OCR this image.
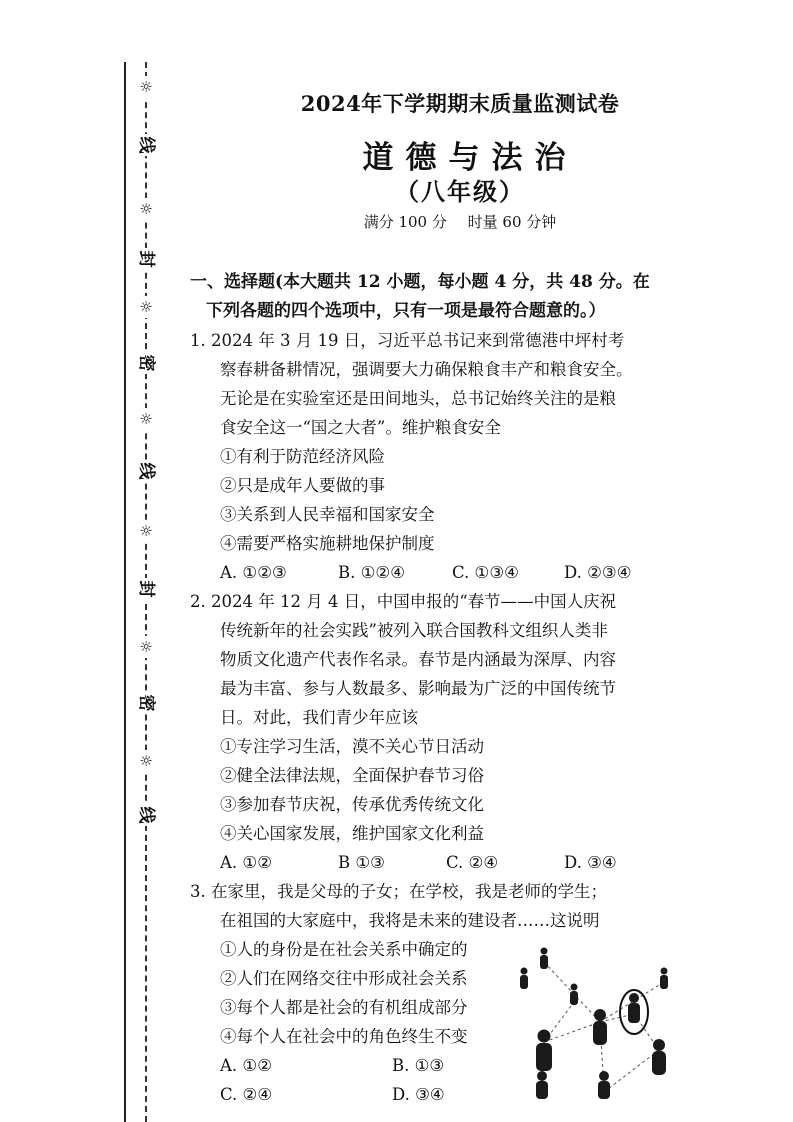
☼
线
☼
封
☼
密
☼
线
☼
封
☼
密
☼
线
2024年下学期期末质量监测试卷
道德与法治
（八年级）
满分 100 分 时量 60 分钟
一、选择题(本大题共 12 小题，每小题 4 分，共 48 分。在
下列各题的四个选项中，只有一项是最符合题意的。）
1. 2024 年 3 月 19 日，习近平总书记来到常德港中坪村考
察春耕备耕情况，强调要大力确保粮食丰产和粮食安全。
无论是在实验室还是田间地头，总书记始终关注的是粮
食安全这一“国之大者”。维护粮食安全
①有利于防范经济风险
②只是成年人要做的事
③关系到人民幸福和国家安全
④需要严格实施耕地保护制度
A. ①②③	B. ①②④	C. ①③④	D. ②③④
2. 2024 年 12 月 4 日，中国申报的“春节——中国人庆祝
传统新年的社会实践”被列入联合国教科文组织人类非
物质文化遗产代表作名录。春节是内涵最为深厚、内容
最为丰富、参与人数最多、影响最为广泛的中国传统节
日。对此，我们青少年应该
①专注学习生活，漠不关心节日活动
②健全法律法规，全面保护春节习俗
③参加春节庆祝，传承优秀传统文化
④关心国家发展，维护国家文化利益
A. ①②	B ①③	C. ②④	D. ③④
3. 在家里，我是父母的子女；在学校，我是老师的学生；
在祖国的大家庭中，我将是未来的建设者……这说明
①人的身份是在社会关系中确定的
②人们在网络交往中形成社会关系
③每个人都是社会的有机组成部分
④每个人在社会中的角色终生不变
A. ①②	B. ①③
C. ②④	D. ③④
